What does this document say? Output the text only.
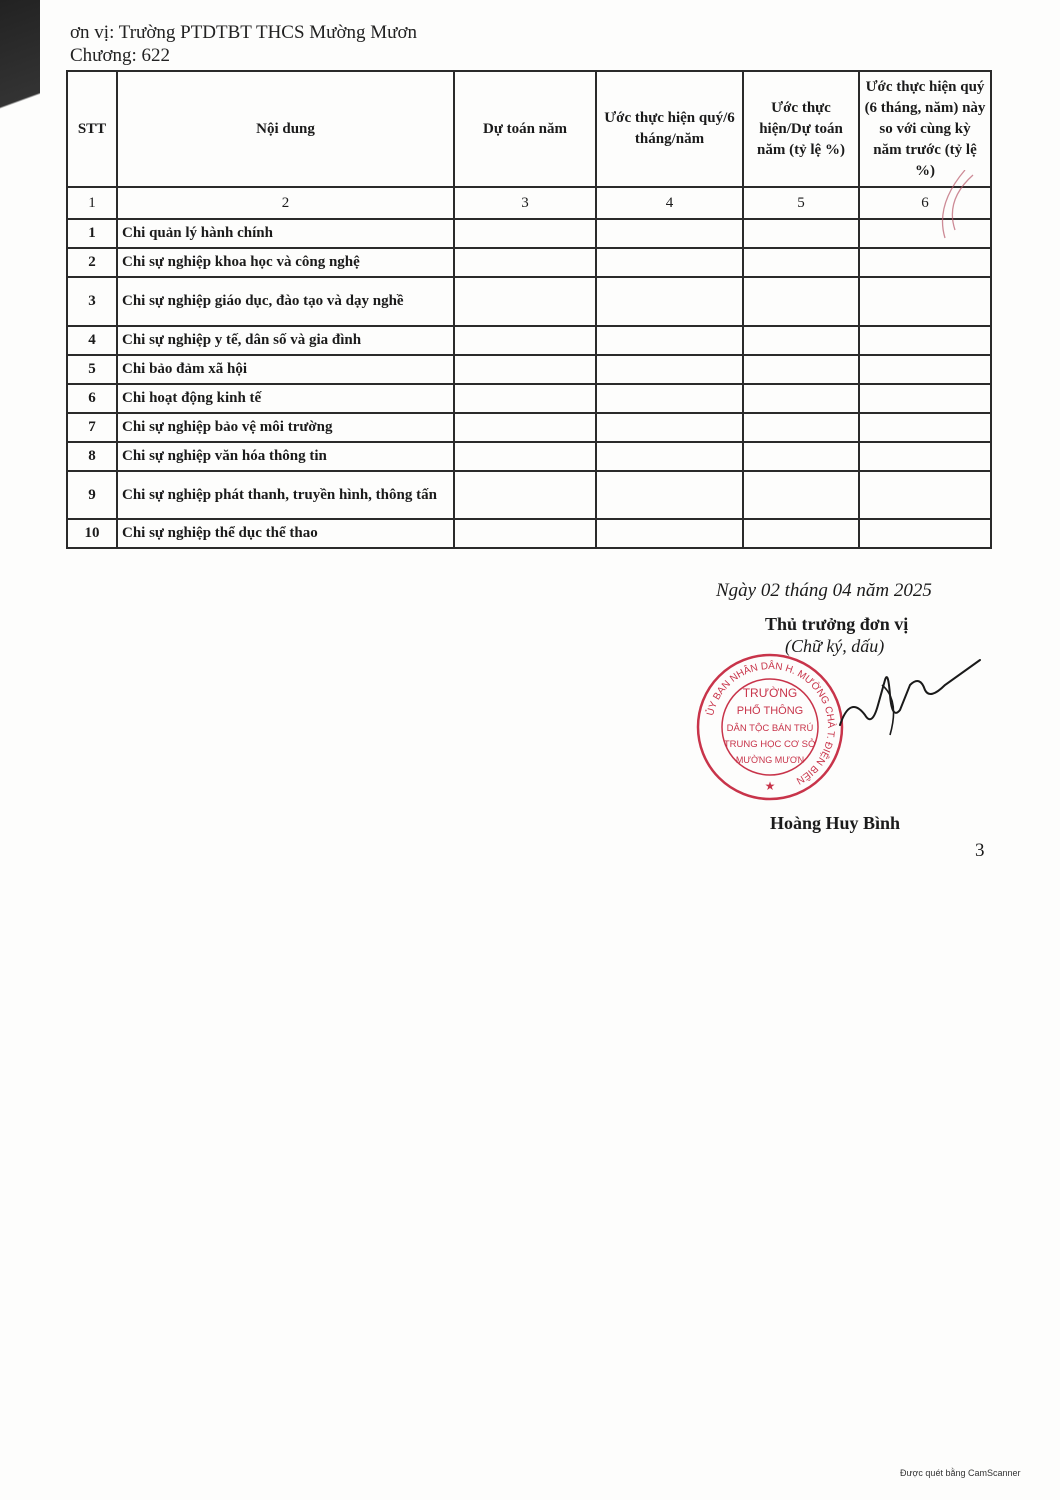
ơn vị: Trường PTDTBT THCS Mường Mươn
Chương: 622
STT	Nội dung	Dự toán năm	Ước thực hiện quý/6 tháng/năm	Ước thực hiện/Dự toán năm (tỷ lệ %)	Ước thực hiện quý (6 tháng, năm) này so với cùng kỳ năm trước (tỷ lệ %)
1	2	3	4	5	6
1	Chi quản lý hành chính				
2	Chi sự nghiệp khoa học và công nghệ				
3	Chi sự nghiệp giáo dục, đào tạo và dạy nghề				
4	Chi sự nghiệp y tế, dân số và gia đình				
5	Chi bảo đảm xã hội				
6	Chi hoạt động kinh tế				
7	Chi sự nghiệp bảo vệ môi trường				
8	Chi sự nghiệp văn hóa thông tin				
9	Chi sự nghiệp phát thanh, truyền hình, thông tấn				
10	Chi sự nghiệp thể dục thể thao				
Ngày 02 tháng 04 năm 2025
Thủ trưởng đơn vị
(Chữ ký, dấu)
ỦY BAN NHÂN DÂN H. MƯỜNG CHÀ T. ĐIỆN BIÊN
TRƯỜNG
PHỔ THÔNG
DÂN TỘC BÁN TRÚ
TRUNG HỌC CƠ SỞ
MƯỜNG MƯƠN
★
Hoàng Huy Bình
3
Được quét bằng CamScanner
